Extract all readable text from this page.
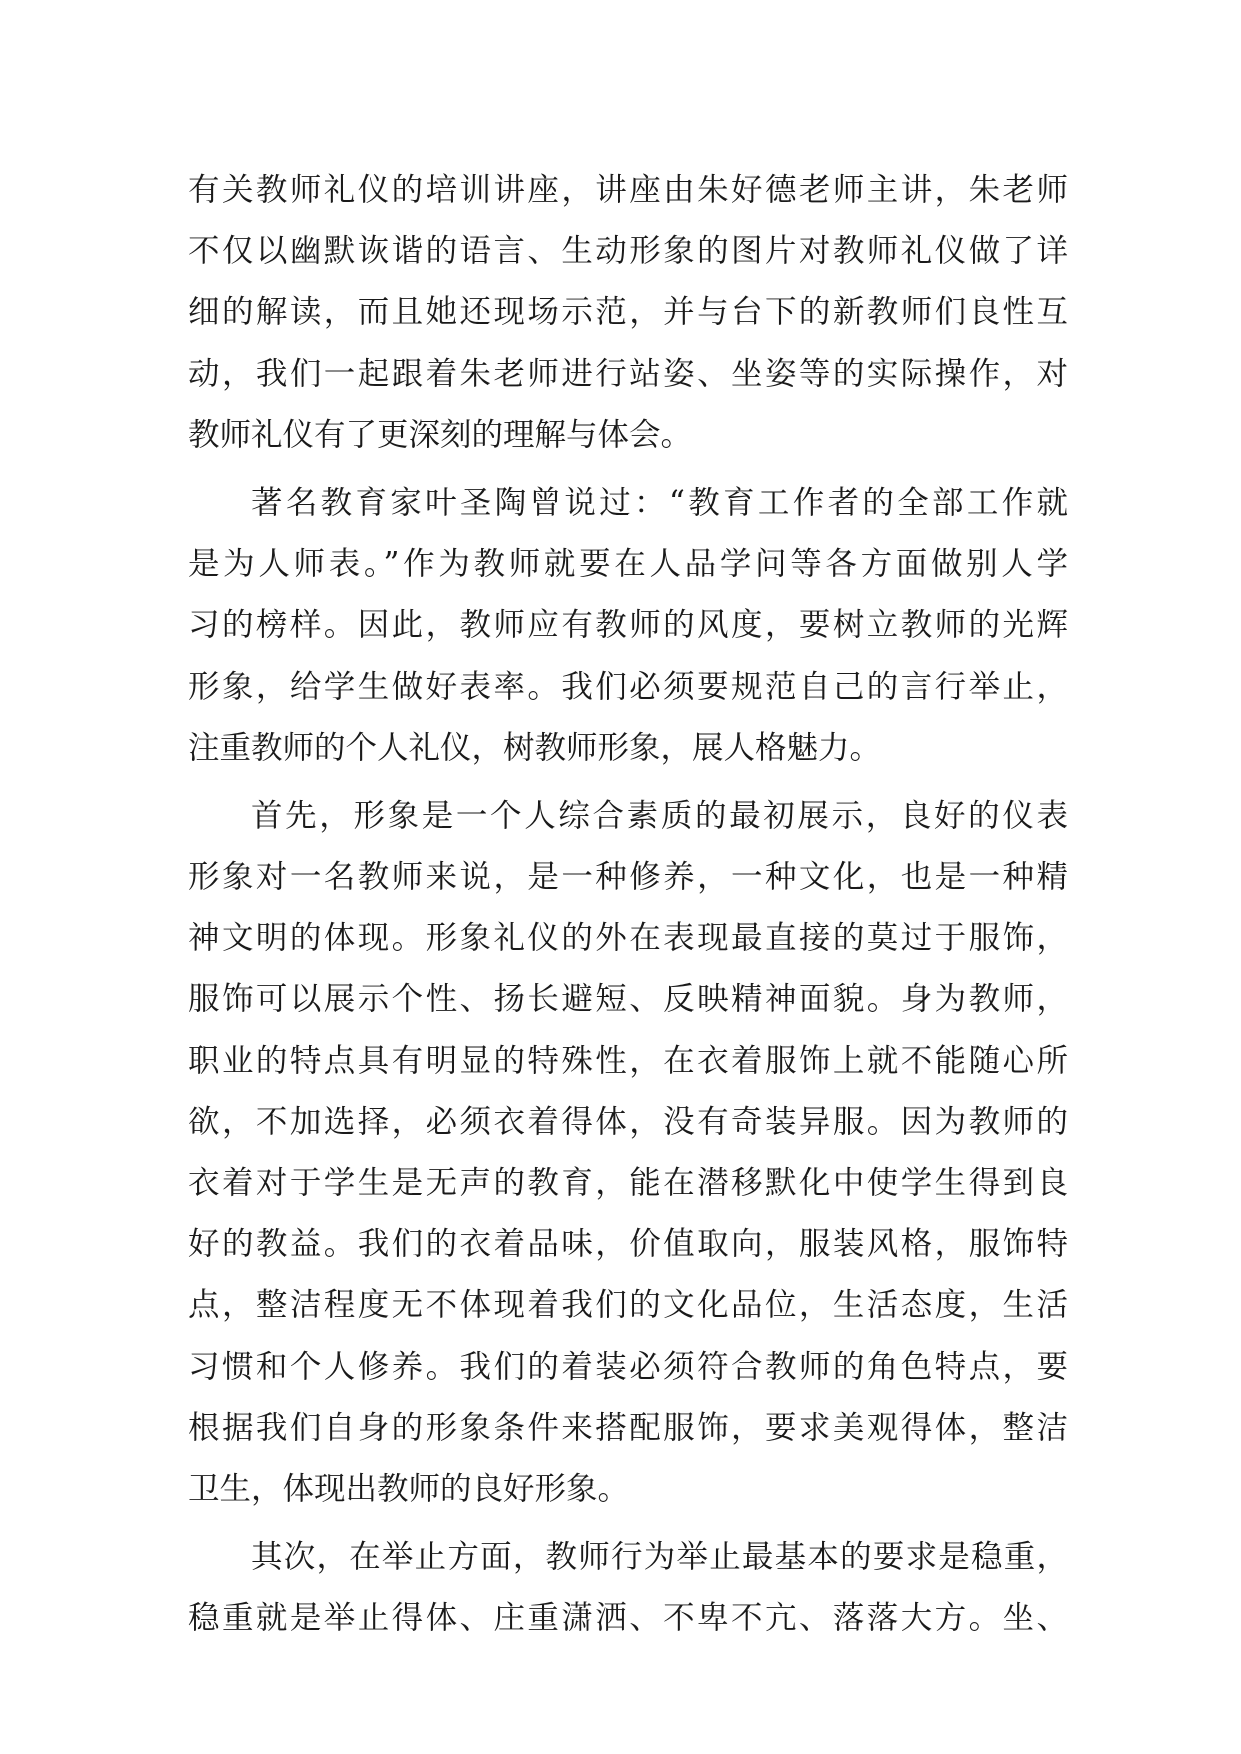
有关教师礼仪的培训讲座，讲座由朱好德老师主讲，朱老师
不仅以幽默诙谐的语言、生动形象的图片对教师礼仪做了详
细的解读，而且她还现场示范，并与台下的新教师们良性互
动，我们一起跟着朱老师进行站姿、坐姿等的实际操作，对
教师礼仪有了更深刻的理解与体会。
著名教育家叶圣陶曾说过：“教育工作者的全部工作就
是为人师表。”作为教师就要在人品学问等各方面做别人学
习的榜样。因此，教师应有教师的风度，要树立教师的光辉
形象，给学生做好表率。我们必须要规范自己的言行举止，
注重教师的个人礼仪，树教师形象，展人格魅力。
首先，形象是一个人综合素质的最初展示，良好的仪表
形象对一名教师来说，是一种修养，一种文化，也是一种精
神文明的体现。形象礼仪的外在表现最直接的莫过于服饰，
服饰可以展示个性、扬长避短、反映精神面貌。身为教师，
职业的特点具有明显的特殊性，在衣着服饰上就不能随心所
欲，不加选择，必须衣着得体，没有奇装异服。因为教师的
衣着对于学生是无声的教育，能在潜移默化中使学生得到良
好的教益。我们的衣着品味，价值取向，服装风格，服饰特
点，整洁程度无不体现着我们的文化品位，生活态度，生活
习惯和个人修养。我们的着装必须符合教师的角色特点，要
根据我们自身的形象条件来搭配服饰，要求美观得体，整洁
卫生，体现出教师的良好形象。
其次，在举止方面，教师行为举止最基本的要求是稳重，
稳重就是举止得体、庄重潇洒、不卑不亢、落落大方。坐、
